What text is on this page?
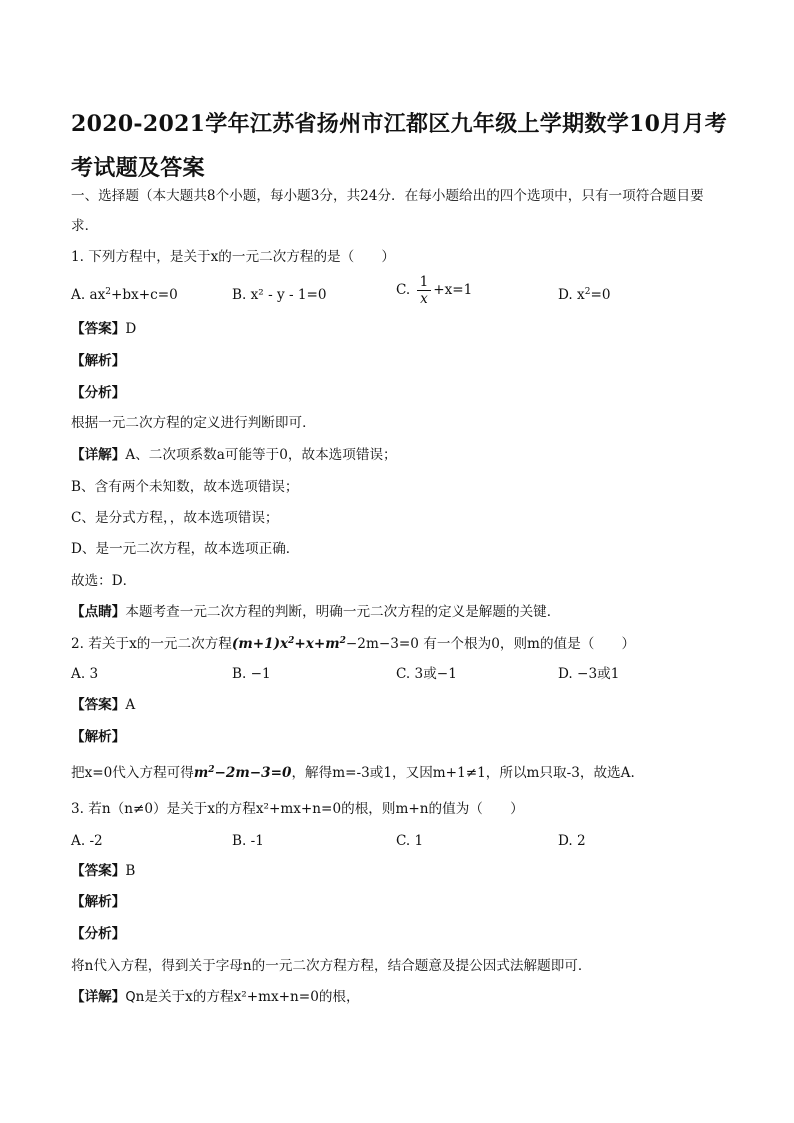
2020-2021学年江苏省扬州市江都区九年级上学期数学10月月考考试题及答案
一、选择题（本大题共8个小题，每小题3分，共24分．在每小题给出的四个选项中，只有一项符合题目要求．
1. 下列方程中，是关于x的一元二次方程的是（　　）
A. $ax^2+bx+c=0$	B. x² - y - 1=0	C. $\frac{1}{x} +x=1$	D. $x^2=0$
【答案】D
【解析】
【分析】
根据一元二次方程的定义进行判断即可．
【详解】A、二次项系数a可能等于0，故本选项错误；
B、含有两个未知数，故本选项错误；
C、是分式方程，，故本选项错误；
D、是一元二次方程，故本选项正确．
故选：D．
【点睛】本题考查一元二次方程的判断，明确一元二次方程的定义是解题的关键．
2. 若关于x的一元二次方程$(m+1)x^2+x+m^2-2m-3=0$ 有一个根为0，则m的值是（　　）
A. 3	B. −1	C. 3或−1	D. −3或1
【答案】A
【解析】
把x=0代入方程可得$m^2-2m-3=0$，解得m=-3或1，又因m+1≠1，所以m只取-3，故选A.
3. 若n（n≠0）是关于x的方程x²+mx+n=0的根，则m+n的值为（　　）
A. -2	B. -1	C. 1	D. 2
【答案】B
【解析】
【分析】
将n代入方程，得到关于字母n的一元二次方程方程，结合题意及提公因式法解题即可．
【详解】Qn是关于x的方程x²+mx+n=0的根，
